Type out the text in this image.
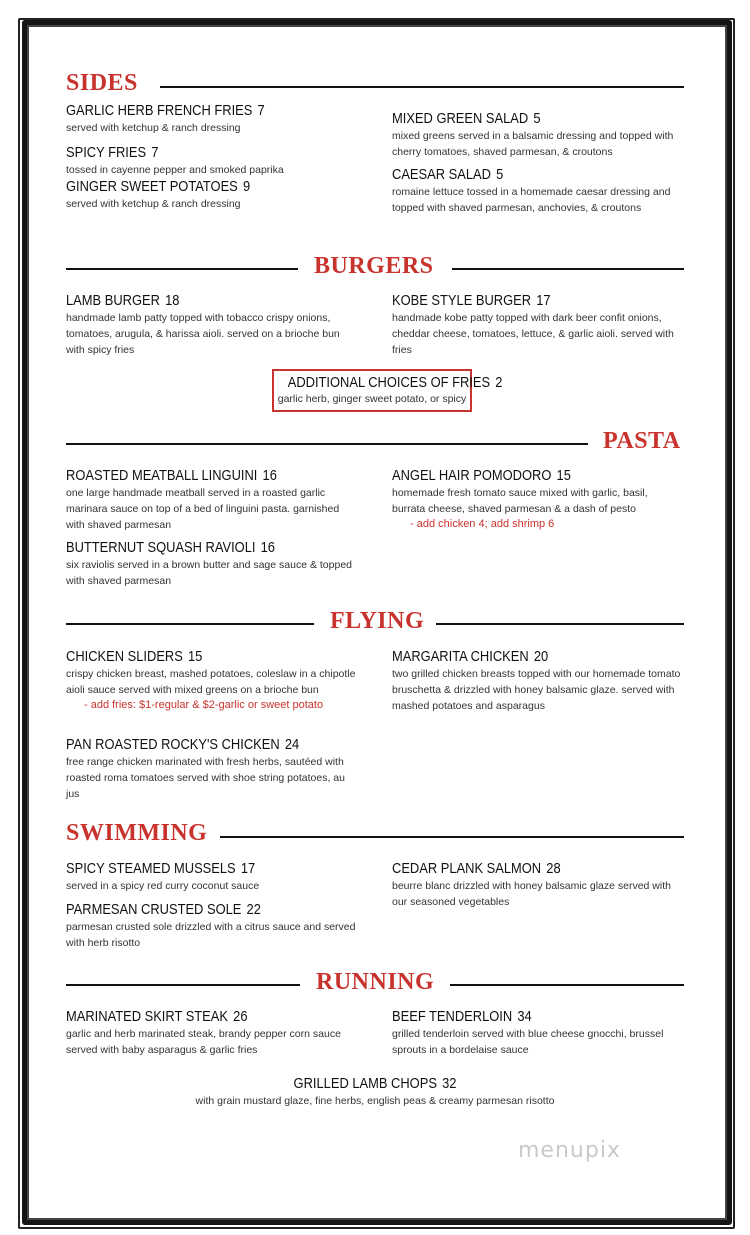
SIDES
GARLIC HERB FRENCH FRIES 7
served with ketchup & ranch dressing
SPICY FRIES 7
tossed in cayenne pepper and smoked paprika
GINGER SWEET POTATOES 9
served with ketchup & ranch dressing
MIXED GREEN SALAD 5
mixed greens served in a balsamic dressing and topped with cherry tomatoes, shaved parmesan, & croutons
CAESAR SALAD 5
romaine lettuce tossed in a homemade caesar dressing and topped with shaved parmesan, anchovies, & croutons
BURGERS
LAMB BURGER 18
handmade lamb patty topped with tobacco crispy onions, tomatoes, arugula, & harissa aioli. served on a brioche bun with spicy fries
KOBE STYLE BURGER 17
handmade kobe patty topped with dark beer confit onions, cheddar cheese, tomatoes, lettuce, & garlic aioli. served with fries
ADDITIONAL CHOICES OF FRIES 2
garlic herb, ginger sweet potato, or spicy
PASTA
ROASTED MEATBALL LINGUINI 16
one large handmade meatball served in a roasted garlic marinara sauce on top of a bed of linguini pasta. garnished with shaved parmesan
BUTTERNUT SQUASH RAVIOLI 16
six raviolis served in a brown butter and sage sauce & topped with shaved parmesan
ANGEL HAIR POMODORO 15
homemade fresh tomato sauce mixed with garlic, basil, burrata cheese, shaved parmesan & a dash of pesto
- add chicken 4; add shrimp 6
FLYING
CHICKEN SLIDERS 15
crispy chicken breast, mashed potatoes, coleslaw in a chipotle aioli sauce served with mixed greens on a brioche bun
- add fries: $1-regular & $2-garlic or sweet potato
PAN ROASTED ROCKY'S CHICKEN 24
free range chicken marinated with fresh herbs, sautéed with roasted roma tomatoes served with shoe string potatoes, au jus
MARGARITA CHICKEN 20
two grilled chicken breasts topped with our homemade tomato bruschetta & drizzled with honey balsamic glaze. served with mashed potatoes and asparagus
SWIMMING
SPICY STEAMED MUSSELS 17
served in a spicy red curry coconut sauce
PARMESAN CRUSTED SOLE 22
parmesan crusted sole drizzled with a citrus sauce and served with herb risotto
CEDAR PLANK SALMON 28
beurre blanc drizzled with honey balsamic glaze served with our seasoned vegetables
RUNNING
MARINATED SKIRT STEAK 26
garlic and herb marinated steak, brandy pepper corn sauce served with baby asparagus & garlic fries
BEEF TENDERLOIN 34
grilled tenderloin served with blue cheese gnocchi, brussel sprouts in a bordelaise sauce
GRILLED LAMB CHOPS 32
with grain mustard glaze, fine herbs, english peas & creamy parmesan risotto
menupix
